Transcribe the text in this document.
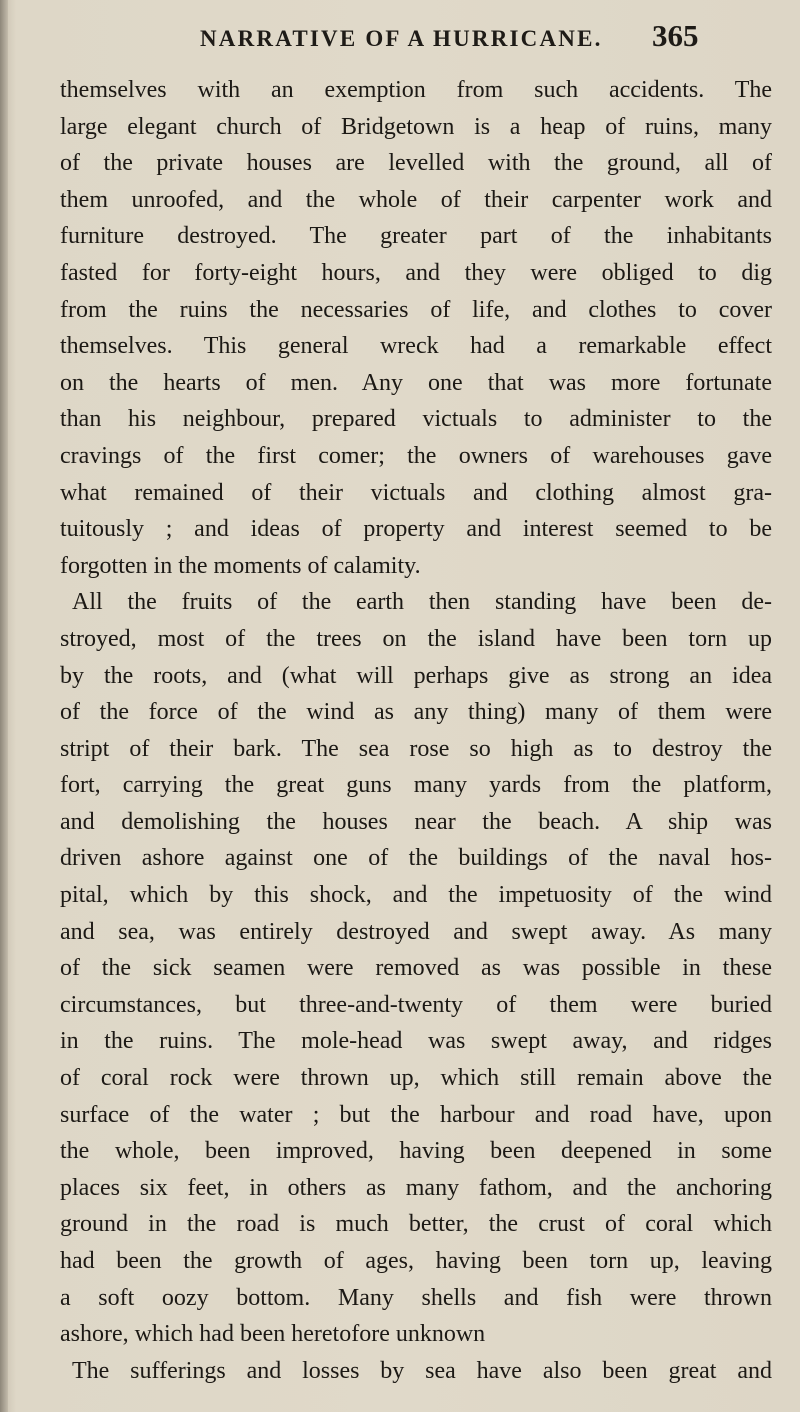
NARRATIVE OF A HURRICANE. 365
themselves with an exemption from such accidents. The
large elegant church of Bridgetown is a heap of ruins, many
of the private houses are levelled with the ground, all of
them unroofed, and the whole of their carpenter work and
furniture destroyed. The greater part of the inhabitants
fasted for forty-eight hours, and they were obliged to dig
from the ruins the necessaries of life, and clothes to cover
themselves. This general wreck had a remarkable effect
on the hearts of men. Any one that was more fortunate
than his neighbour, prepared victuals to administer to the
cravings of the first comer; the owners of warehouses gave
what remained of their victuals and clothing almost gra-
tuitously ; and ideas of property and interest seemed to be
forgotten in the moments of calamity.
All the fruits of the earth then standing have been de-
stroyed, most of the trees on the island have been torn up
by the roots, and (what will perhaps give as strong an idea
of the force of the wind as any thing) many of them were
stript of their bark. The sea rose so high as to destroy the
fort, carrying the great guns many yards from the platform,
and demolishing the houses near the beach. A ship was
driven ashore against one of the buildings of the naval hos-
pital, which by this shock, and the impetuosity of the wind
and sea, was entirely destroyed and swept away. As many
of the sick seamen were removed as was possible in these
circumstances, but three-and-twenty of them were buried
in the ruins. The mole-head was swept away, and ridges
of coral rock were thrown up, which still remain above the
surface of the water ; but the harbour and road have, upon
the whole, been improved, having been deepened in some
places six feet, in others as many fathom, and the anchoring
ground in the road is much better, the crust of coral which
had been the growth of ages, having been torn up, leaving
a soft oozy bottom. Many shells and fish were thrown
ashore, which had been heretofore unknown
The sufferings and losses by sea have also been great and
